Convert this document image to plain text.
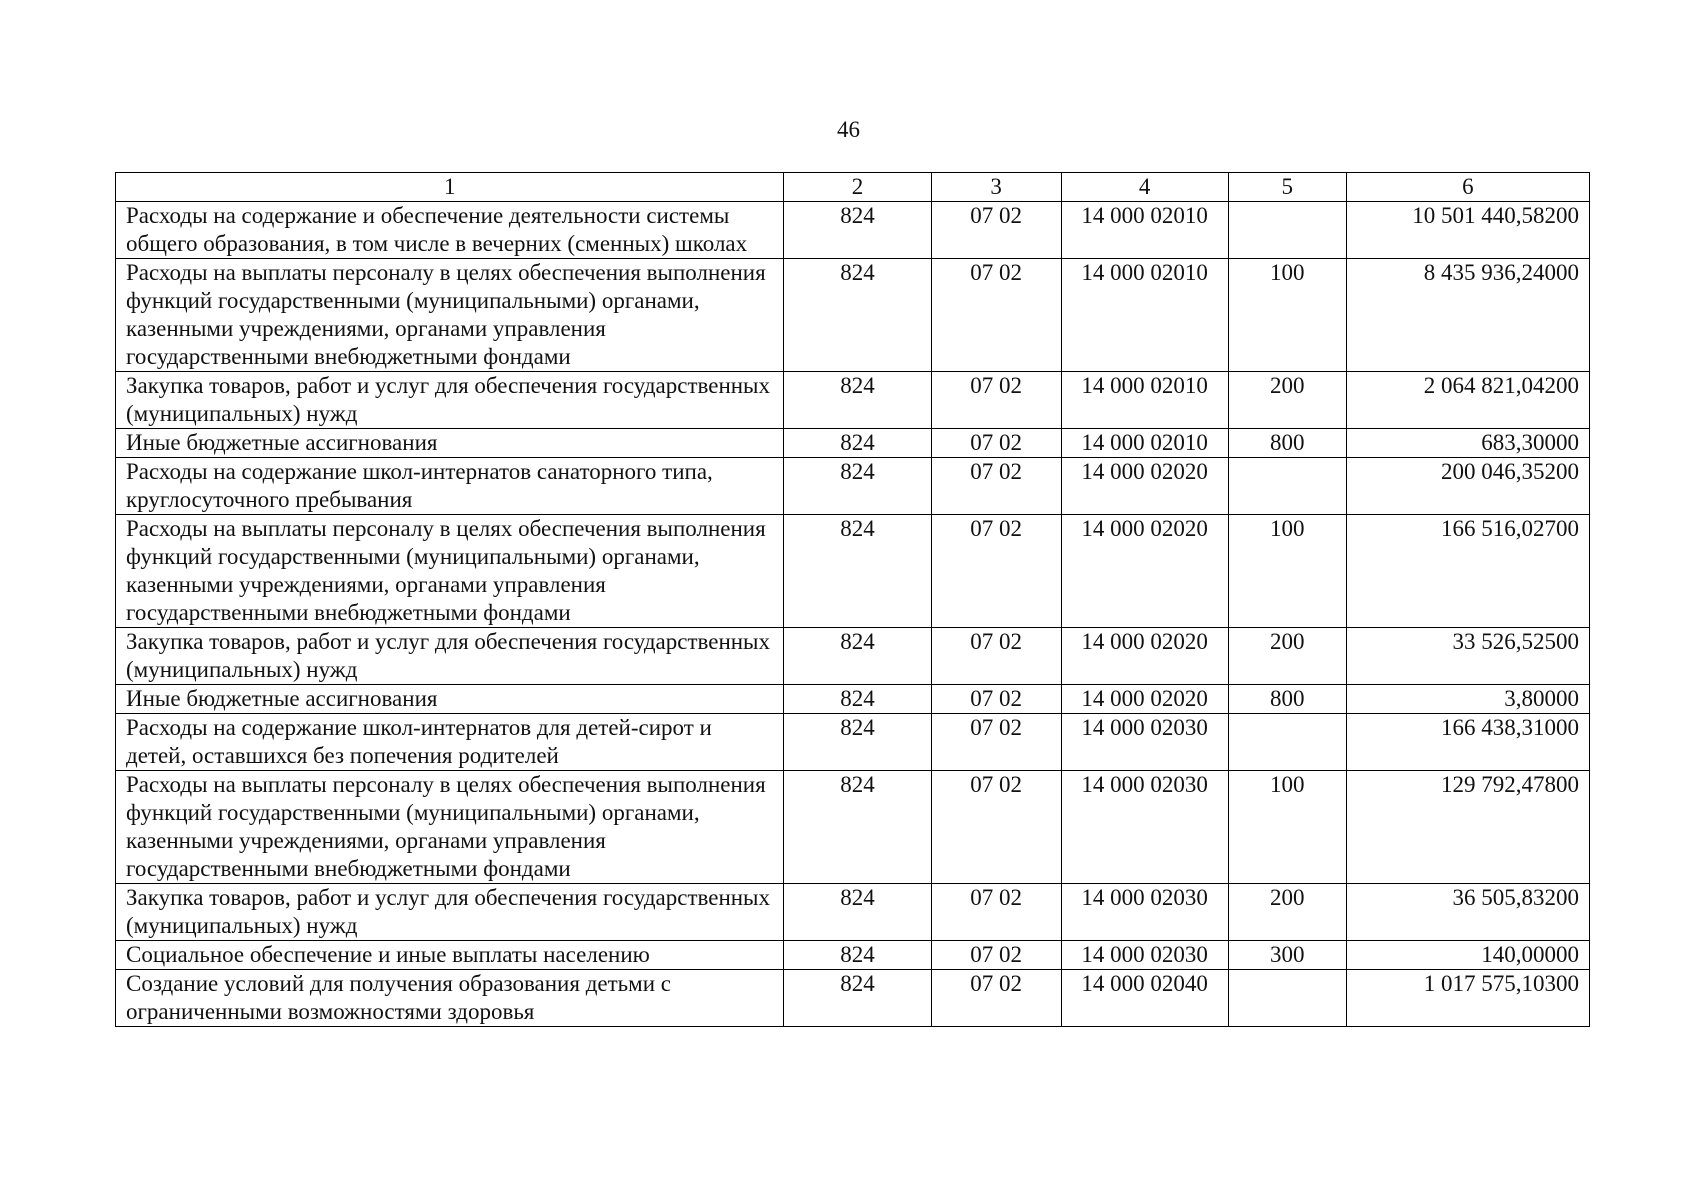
46
1	2	3	4	5	6
Расходы на содержание и обеспечение деятельности системы общего образования, в том числе в вечерних (сменных) школах	824	07 02	14 000 02010		10 501 440,58200
Расходы на выплаты персоналу в целях обеспечения выполнения функций государственными (муниципальными) органами, казенными учреждениями, органами управления государственными внебюджетными фондами	824	07 02	14 000 02010	100	8 435 936,24000
Закупка товаров, работ и услуг для обеспечения государственных (муниципальных) нужд	824	07 02	14 000 02010	200	2 064 821,04200
Иные бюджетные ассигнования	824	07 02	14 000 02010	800	683,30000
Расходы на содержание школ-интернатов санаторного типа, круглосуточного пребывания	824	07 02	14 000 02020		200 046,35200
Расходы на выплаты персоналу в целях обеспечения выполнения функций государственными (муниципальными) органами, казенными учреждениями, органами управления государственными внебюджетными фондами	824	07 02	14 000 02020	100	166 516,02700
Закупка товаров, работ и услуг для обеспечения государственных (муниципальных) нужд	824	07 02	14 000 02020	200	33 526,52500
Иные бюджетные ассигнования	824	07 02	14 000 02020	800	3,80000
Расходы на содержание школ-интернатов для детей-сирот и детей, оставшихся без попечения родителей	824	07 02	14 000 02030		166 438,31000
Расходы на выплаты персоналу в целях обеспечения выполнения функций государственными (муниципальными) органами, казенными учреждениями, органами управления государственными внебюджетными фондами	824	07 02	14 000 02030	100	129 792,47800
Закупка товаров, работ и услуг для обеспечения государственных (муниципальных) нужд	824	07 02	14 000 02030	200	36 505,83200
Социальное обеспечение и иные выплаты населению	824	07 02	14 000 02030	300	140,00000
Создание условий для получения образования детьми с ограниченными возможностями здоровья	824	07 02	14 000 02040		1 017 575,10300
